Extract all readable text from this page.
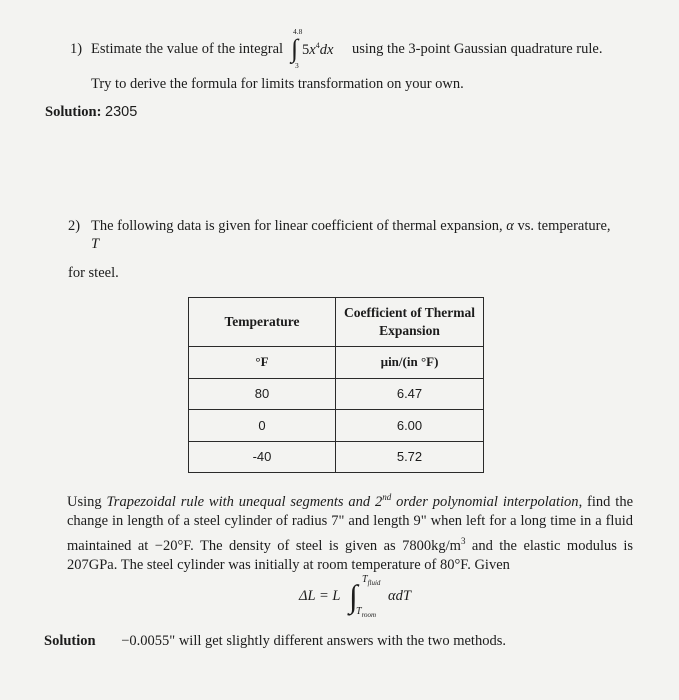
1) Estimate the value of the integral
4.8
∫
3
$5x^4dx$ using the 3-point Gaussian quadrature rule.
Try to derive the formula for limits transformation on your own.
Solution: 2305
2) The following data is given for linear coefficient of thermal expansion, α vs. temperature,
T
for steel.
Temperature	Coefficient of Thermal Expansion
°F	µin/(in °F)
80	6.47
0	6.00
-40	5.72
Using Trapezoidal rule with unequal segments and 2nd order polynomial interpolation, find the change in length of a steel cylinder of radius 7" and length 9" when left for a long time in a fluid maintained at −20°F. The density of steel is given as $7800kg/m^3$ and the elastic modulus is 207GPa. The steel cylinder was initially at room temperature of 80°F. Given
ΔL = L ∫ $T_{fluid}$
$T_{room}$
αdT
Solution −0.0055" will get slightly different answers with the two methods.
